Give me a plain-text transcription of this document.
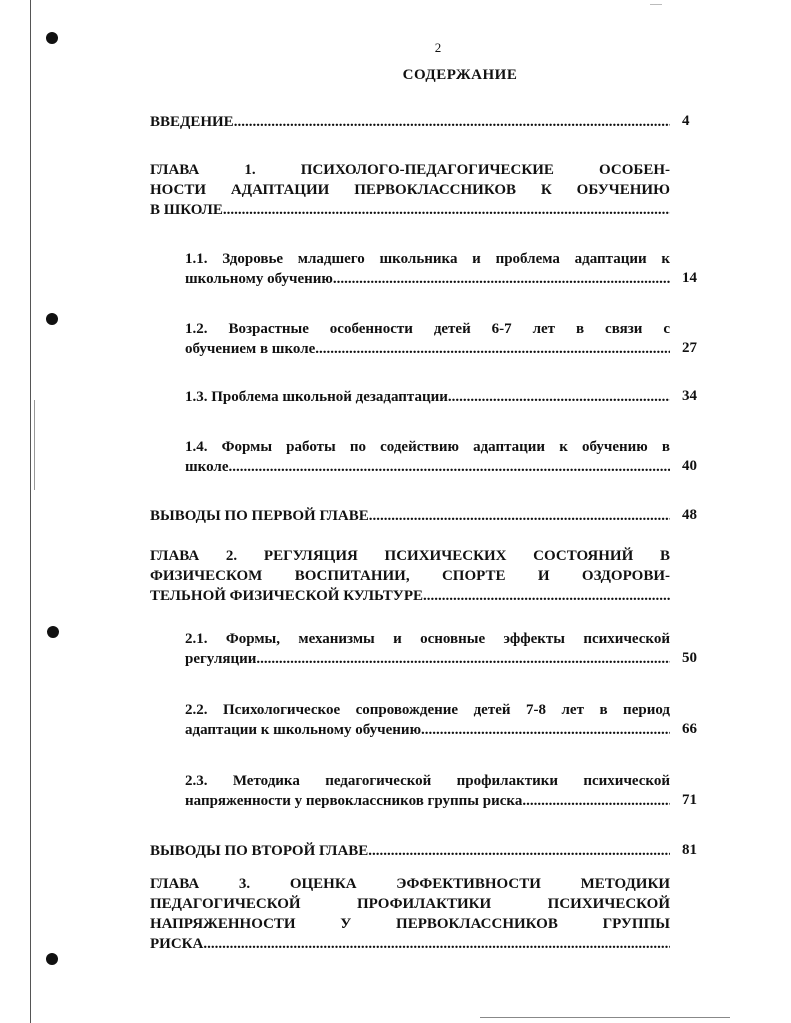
2
СОДЕРЖАНИЕ
ВВЕДЕНИЕ .....	4
ГЛАВА 1. ПСИХОЛОГО-ПЕДАГОГИЧЕСКИЕ ОСОБЕН-
НОСТИ АДАПТАЦИИ ПЕРВОКЛАССНИКОВ К ОБУЧЕНИЮ
В ШКОЛЕ
.....
1.1. Здоровье младшего школьника и проблема адаптации к
школьному обучению .....	14
1.2. Возрастные особенности детей 6-7 лет в связи с
обучением в школе .....	27
1.3. Проблема школьной дезадаптации .....	34
1.4. Формы работы по содействию адаптации к обучению в
школе .....	40
ВЫВОДЫ ПО ПЕРВОЙ ГЛАВЕ .....	48
ГЛАВА 2. РЕГУЛЯЦИЯ ПСИХИЧЕСКИХ СОСТОЯНИЙ В
ФИЗИЧЕСКОМ ВОСПИТАНИИ, СПОРТЕ И ОЗДОРОВИ-
ТЕЛЬНОЙ ФИЗИЧЕСКОЙ КУЛЬТУРЕ
.....
2.1. Формы, механизмы и основные эффекты психической
регуляции .....	50
2.2. Психологическое сопровождение детей 7-8 лет в период
адаптации к школьному обучению .....	66
2.3. Методика педагогической профилактики психической
напряженности у первоклассников группы риска .....	71
ВЫВОДЫ ПО ВТОРОЙ ГЛАВЕ .....	81
ГЛАВА 3. ОЦЕНКА ЭФФЕКТИВНОСТИ МЕТОДИКИ
ПЕДАГОГИЧЕСКОЙ ПРОФИЛАКТИКИ ПСИХИЧЕСКОЙ
НАПРЯЖЕННОСТИ У ПЕРВОКЛАССНИКОВ ГРУППЫ
РИСКА
.....
